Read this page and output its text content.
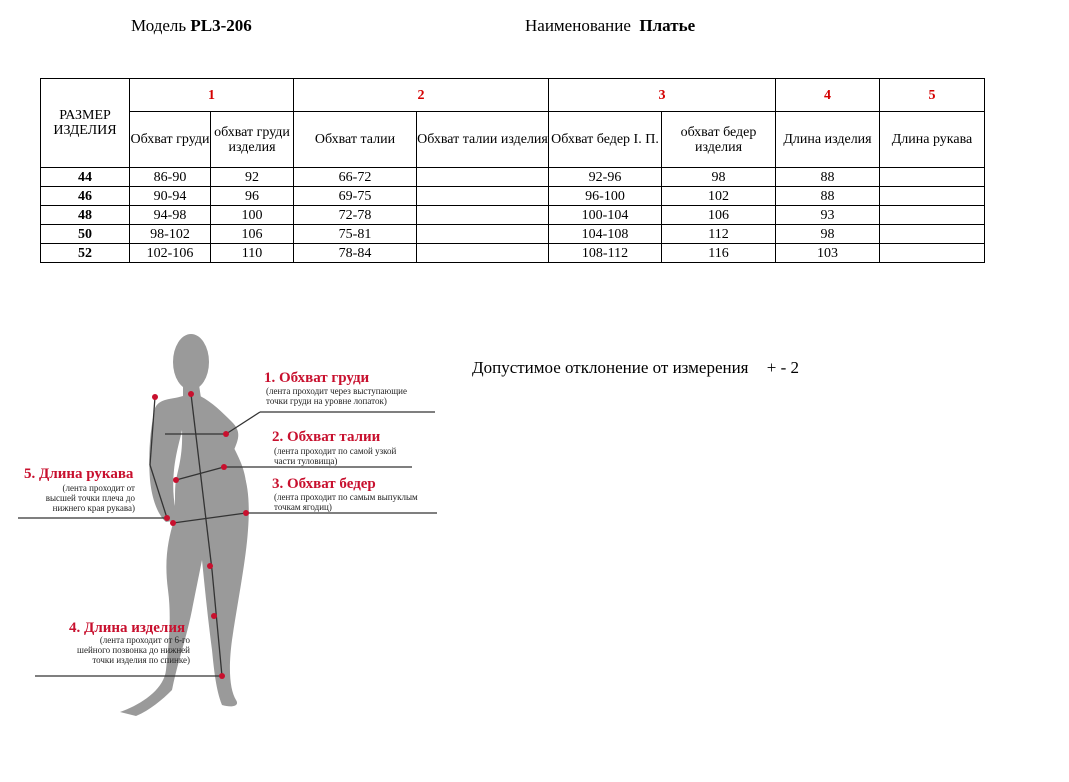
Модель PL3-206	Наименование Платье
РАЗМЕР ИЗДЕЛИЯ	1		2		3		4	5
	Обхват груди	обхват груди изделия	Обхват талии	Обхват талии изделия	Обхват бедер I. П.	обхват бедер изделия	Длина изделия	Длина рукава
44	86-90	92	66-72		92-96	98	88	
46	90-94	96	69-75		96-100	102	88	
48	94-98	100	72-78		100-104	106	93	
50	98-102	106	75-81		104-108	112	98	
52	102-106	110	78-84		108-112	116	103	
Допустимое отклонение от измерения + - 2
1. Обхват груди
(лента проходит через выступающие
точки груди на уровне лопаток)
2. Обхват талии
(лента проходит по самой узкой
части туловища)
3. Обхват бедер
(лента проходит по самым выпуклым
точкам ягодиц)
5. Длина рукава
(лента проходит от
высшей точки плеча до
нижнего края рукава)
4. Длина изделия
(лента проходит от 6-го
шейного позвонка до нижней
точки изделия по спинке)
